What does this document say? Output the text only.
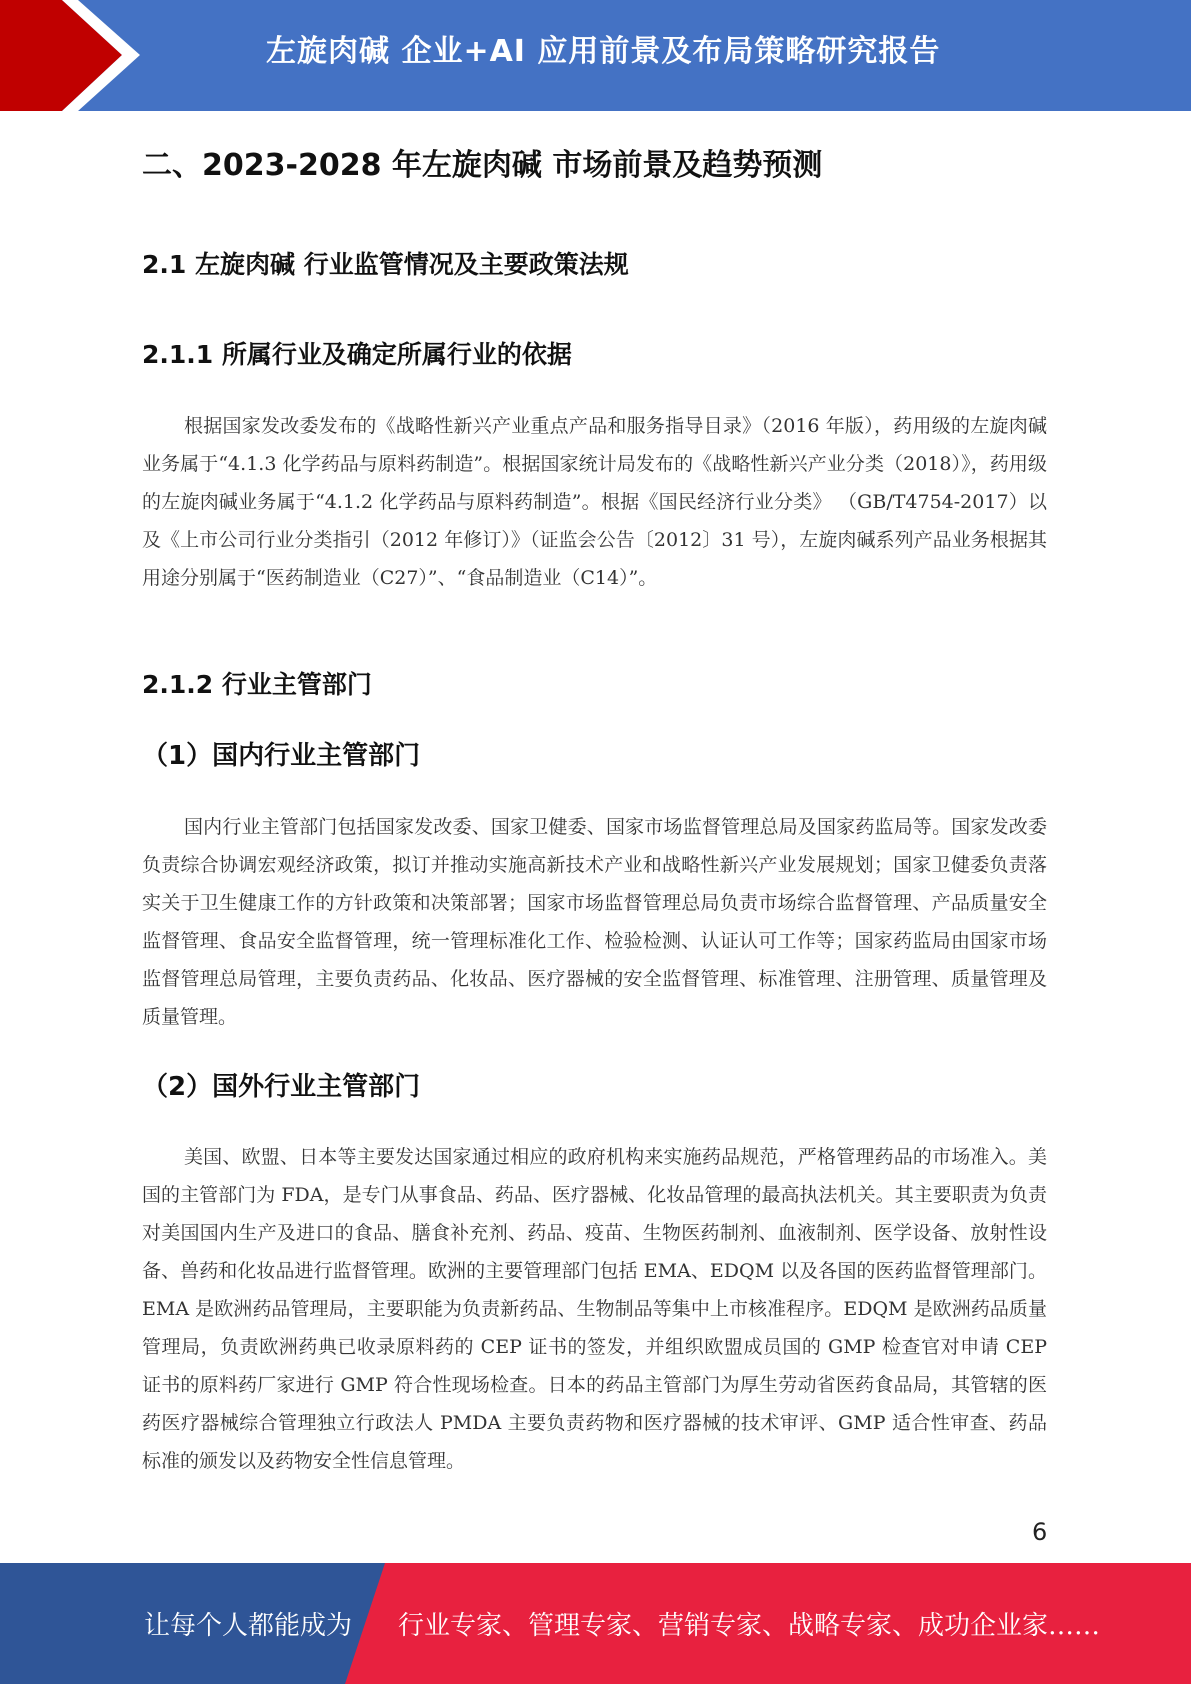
左旋肉碱 企业+AI 应用前景及布局策略研究报告
二、2023-2028 年左旋肉碱 市场前景及趋势预测
2.1 左旋肉碱 行业监管情况及主要政策法规
2.1.1 所属行业及确定所属行业的依据

根据国家发改委发布的《战略性新兴产业重点产品和服务指导目录》（2016 年版），药用级的左旋肉碱业务属于“4.1.3 化学药品与原料药制造”。根据国家统计局发布的《战略性新兴产业分类（2018）》，药用级的左旋肉碱业务属于“4.1.2 化学药品与原料药制造”。根据《国民经济行业分类》 （GB/T4754-2017）以及《上市公司行业分类指引（2012 年修订）》（证监会公告〔2012〕31 号），左旋肉碱系列产品业务根据其用途分别属于“医药制造业（C27）”、“食品制造业（C14）”。

2.1.2 行业主管部门
（1）国内行业主管部门

国内行业主管部门包括国家发改委、国家卫健委、国家市场监督管理总局及国家药监局等。国家发改委负责综合协调宏观经济政策，拟订并推动实施高新技术产业和战略性新兴产业发展规划；国家卫健委负责落实关于卫生健康工作的方针政策和决策部署；国家市场监督管理总局负责市场综合监督管理、产品质量安全监督管理、食品安全监督管理，统一管理标准化工作、检验检测、认证认可工作等；国家药监局由国家市场监督管理总局管理，主要负责药品、化妆品、医疗器械的安全监督管理、标准管理、注册管理、质量管理及质量管理。

（2）国外行业主管部门

美国、欧盟、日本等主要发达国家通过相应的政府机构来实施药品规范，严格管理药品的市场准入。美国的主管部门为 FDA，是专门从事食品、药品、医疗器械、化妆品管理的最高执法机关。其主要职责为负责对美国国内生产及进口的食品、膳食补充剂、药品、疫苗、生物医药制剂、血液制剂、医学设备、放射性设备、兽药和化妆品进行监督管理。欧洲的主要管理部门包括 EMA、EDQM 以及各国的医药监督管理部门。EMA 是欧洲药品管理局，主要职能为负责新药品、生物制品等集中上市核准程序。EDQM 是欧洲药品质量管理局，负责欧洲药典已收录原料药的 CEP 证书的签发，并组织欧盟成员国的 GMP 检查官对申请 CEP 证书的原料药厂家进行 GMP 符合性现场检查。日本的药品主管部门为厚生劳动省医药食品局，其管辖的医药医疗器械综合管理独立行政法人 PMDA 主要负责药物和医疗器械的技术审评、GMP 适合性审查、药品标准的颁发以及药物安全性信息管理。

6
让每个人都能成为 行业专家、管理专家、营销专家、战略专家、成功企业家……
